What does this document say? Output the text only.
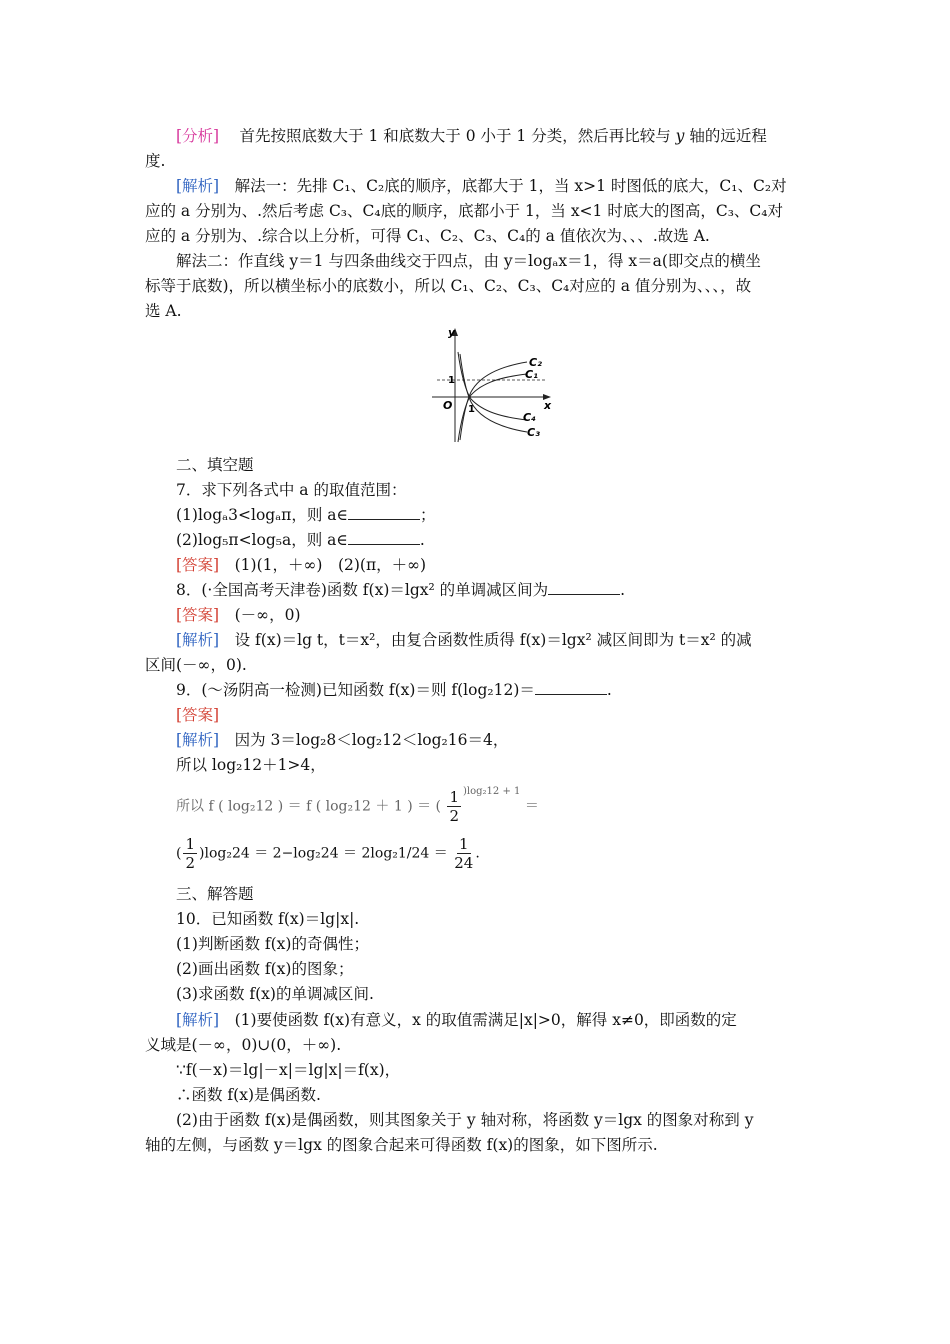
[分析]　 首先按照底数大于 1 和底数大于 0 小于 1 分类，然后再比较与 y 轴的远近程
度.
[解析]　 解法一：先排 C₁、C₂底的顺序，底都大于 1，当 x>1 时图低的底大，C₁、C₂对
应的 a 分别为、.然后考虑 C₃、C₄底的顺序，底都小于 1，当 x<1 时底大的图高，C₃、C₄对
应的 a 分别为、.综合以上分析，可得 C₁、C₂、C₃、C₄的 a 值依次为、、、.故选 A.
解法二：作直线 y＝1 与四条曲线交于四点，由 y＝logₐx＝1，得 x＝a(即交点的横坐
标等于底数)，所以横坐标小的底数小，所以 C₁、C₂、C₃、C₄对应的 a 值分别为、、、，故
选 A.
y
x
O
1
1
C₂
C₁
C₄
C₃
二、填空题
7．求下列各式中 a 的取值范围：
(1)logₐ3<logₐπ，则 a∈	；
(2)log₅π<log₅a，则 a∈	.
[答案]　 (1)(1，＋∞)　(2)(π，＋∞)
8．(·全国高考天津卷)函数 f(x)＝lgx² 的单调减区间为	.
[答案]　 (－∞，0)
[解析]　 设 f(x)＝lg t，t＝x²，由复合函数性质得 f(x)＝lgx² 减区间即为 t＝x² 的减
区间(－∞，0).
9．(～汤阴高一检测)已知函数 f(x)＝则 f(log₂12)＝	.
[答案]
[解析]　 因为 3＝log₂8＜log₂12＜log₂16＝4，
所以 log₂12＋1>4，
所以 f ( log₂12 ) ＝ f ( log₂12 ＋ 1 ) ＝ ( $\frac{1}{2} ^{)log_212 + 1}$ ＝
( $\frac{1}{2} )\log_224 = 2-\log_224 = 2\log_21/24 = \frac{1}{24}$ .
三、解答题
10．已知函数 f(x)＝lg|x|.
(1)判断函数 f(x)的奇偶性；
(2)画出函数 f(x)的图象；
(3)求函数 f(x)的单调减区间.
[解析]　 (1)要使函数 f(x)有意义，x 的取值需满足|x|>0，解得 x≠0，即函数的定
义域是(－∞，0)∪(0，＋∞).
∵f(－x)＝lg|－x|＝lg|x|＝f(x)，
∴函数 f(x)是偶函数.
(2)由于函数 f(x)是偶函数，则其图象关于 y 轴对称，将函数 y＝lgx 的图象对称到 y
轴的左侧，与函数 y＝lgx 的图象合起来可得函数 f(x)的图象，如下图所示.
